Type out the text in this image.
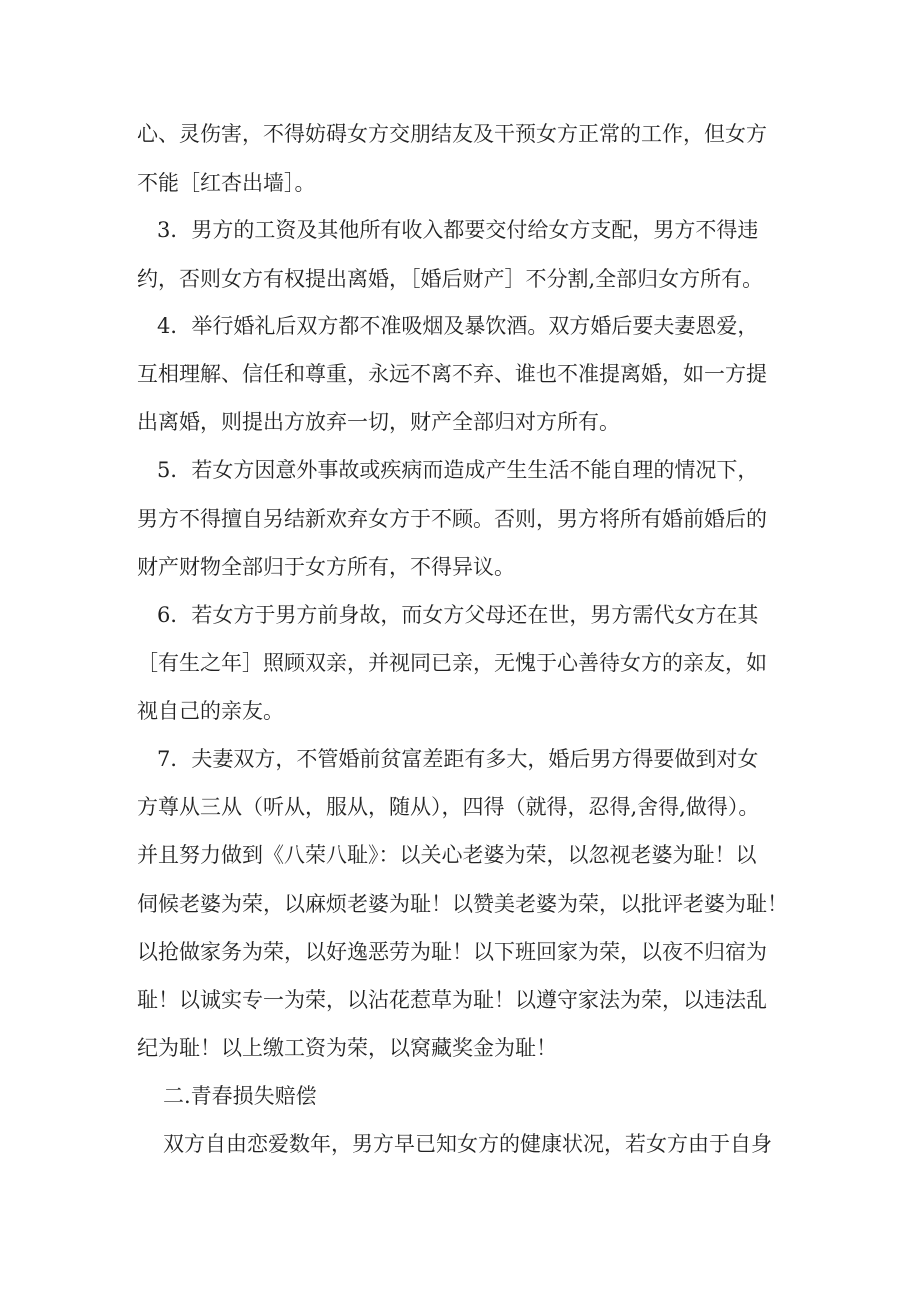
心、灵伤害，不得妨碍女方交朋结友及干预女方正常的工作，但女方
不能［红杏出墙］。
3．男方的工资及其他所有收入都要交付给女方支配，男方不得违
约，否则女方有权提出离婚，［婚后财产］不分割,全部归女方所有。
4．举行婚礼后双方都不准吸烟及暴饮酒。双方婚后要夫妻恩爱，
互相理解、信任和尊重，永远不离不弃、谁也不准提离婚，如一方提
出离婚，则提出方放弃一切，财产全部归对方所有。
5．若女方因意外事故或疾病而造成产生生活不能自理的情况下，
男方不得擅自另结新欢弃女方于不顾。否则，男方将所有婚前婚后的
财产财物全部归于女方所有，不得异议。
6．若女方于男方前身故，而女方父母还在世，男方需代女方在其
［有生之年］照顾双亲，并视同已亲，无愧于心善待女方的亲友，如
视自己的亲友。
7．夫妻双方，不管婚前贫富差距有多大，婚后男方得要做到对女
方尊从三从（听从，服从，随从），四得（就得，忍得,舍得,做得）。
并且努力做到《八荣八耻》：以关心老婆为荣，以忽视老婆为耻！以
伺候老婆为荣，以麻烦老婆为耻！以赞美老婆为荣，以批评老婆为耻！
以抢做家务为荣，以好逸恶劳为耻！以下班回家为荣，以夜不归宿为
耻！以诚实专一为荣，以沾花惹草为耻！以遵守家法为荣，以违法乱
纪为耻！以上缴工资为荣，以窝藏奖金为耻！
二.青春损失赔偿
双方自由恋爱数年，男方早已知女方的健康状况，若女方由于自身
